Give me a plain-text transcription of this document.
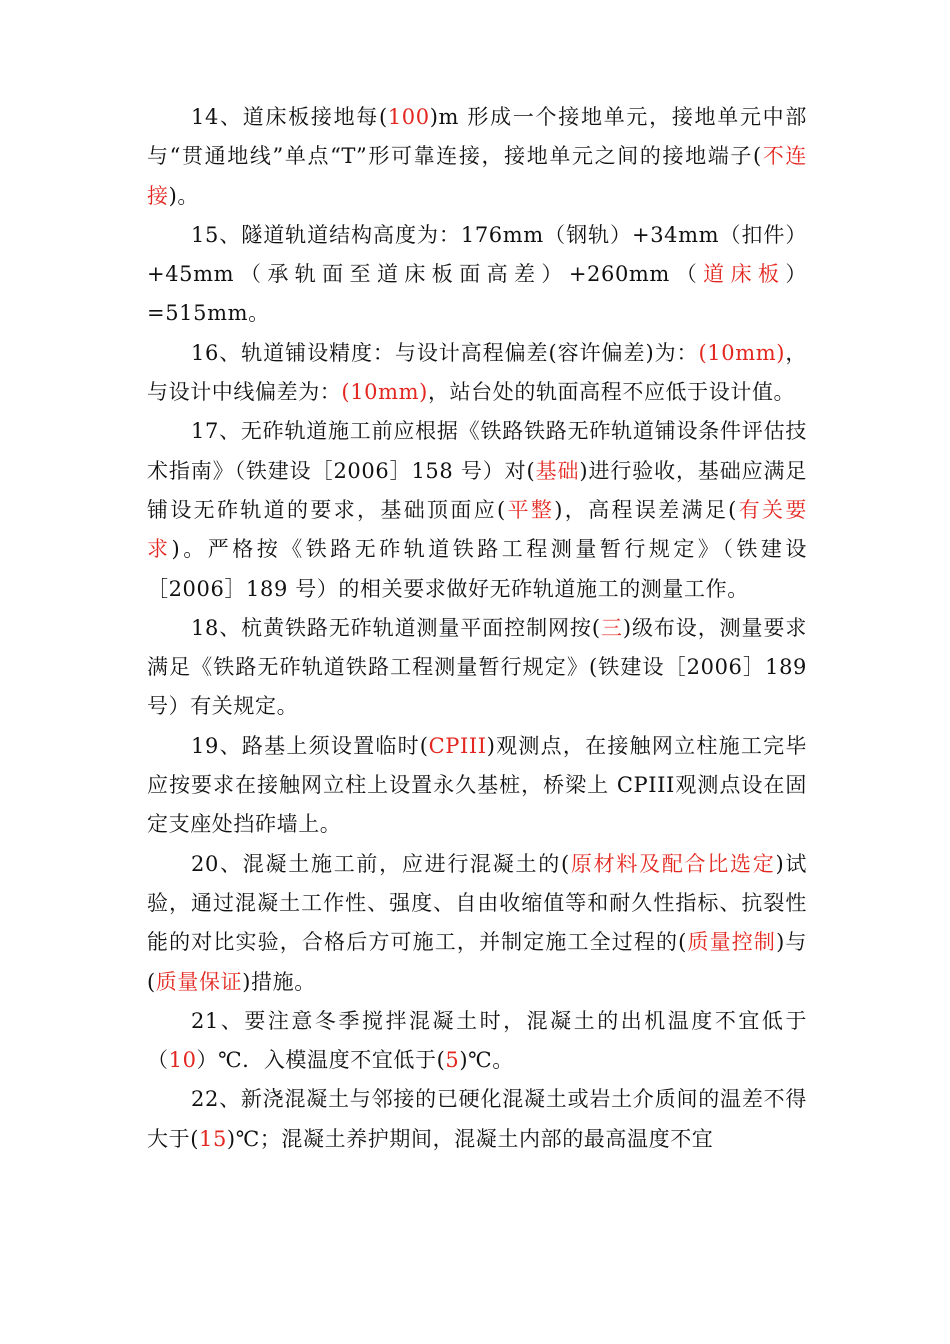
14、道床板接地每(100)m 形成一个接地单元，接地单元中部与“贯通地线”单点“T”形可靠连接，接地单元之间的接地端子(不连接)。

15、隧道轨道结构高度为：176mm（钢轨）+34mm（扣件）+45mm（承轨面至道床板面高差）+260mm（道床板）=515mm。

16、轨道铺设精度：与设计高程偏差(容许偏差)为：(10mm)，与设计中线偏差为：(10mm)，站台处的轨面高程不应低于设计值。

17、无砟轨道施工前应根据《铁路铁路无砟轨道铺设条件评估技术指南》（铁建设［2006］158 号）对(基础)进行验收，基础应满足铺设无砟轨道的要求，基础顶面应(平整)，高程误差满足(有关要求)。严格按《铁路无砟轨道铁路工程测量暂行规定》（铁建设［2006］189 号）的相关要求做好无砟轨道施工的测量工作。

18、杭黄铁路无砟轨道测量平面控制网按(三)级布设，测量要求满足《铁路无砟轨道铁路工程测量暂行规定》(铁建设［2006］189 号）有关规定。

19、路基上须设置临时(CPIII)观测点，在接触网立柱施工完毕应按要求在接触网立柱上设置永久基桩，桥梁上 CPIII观测点设在固定支座处挡砟墙上。

20、混凝土施工前，应进行混凝土的(原材料及配合比选定)试验，通过混凝土工作性、强度、自由收缩值等和耐久性指标、抗裂性能的对比实验，合格后方可施工，并制定施工全过程的(质量控制)与(质量保证)措施。

21、要注意冬季搅拌混凝土时，混凝土的出机温度不宜低于（10）℃．入模温度不宜低于(5)℃。

22、新浇混凝土与邻接的已硬化混凝土或岩土介质间的温差不得大于(15)℃；混凝土养护期间，混凝土内部的最高温度不宜
